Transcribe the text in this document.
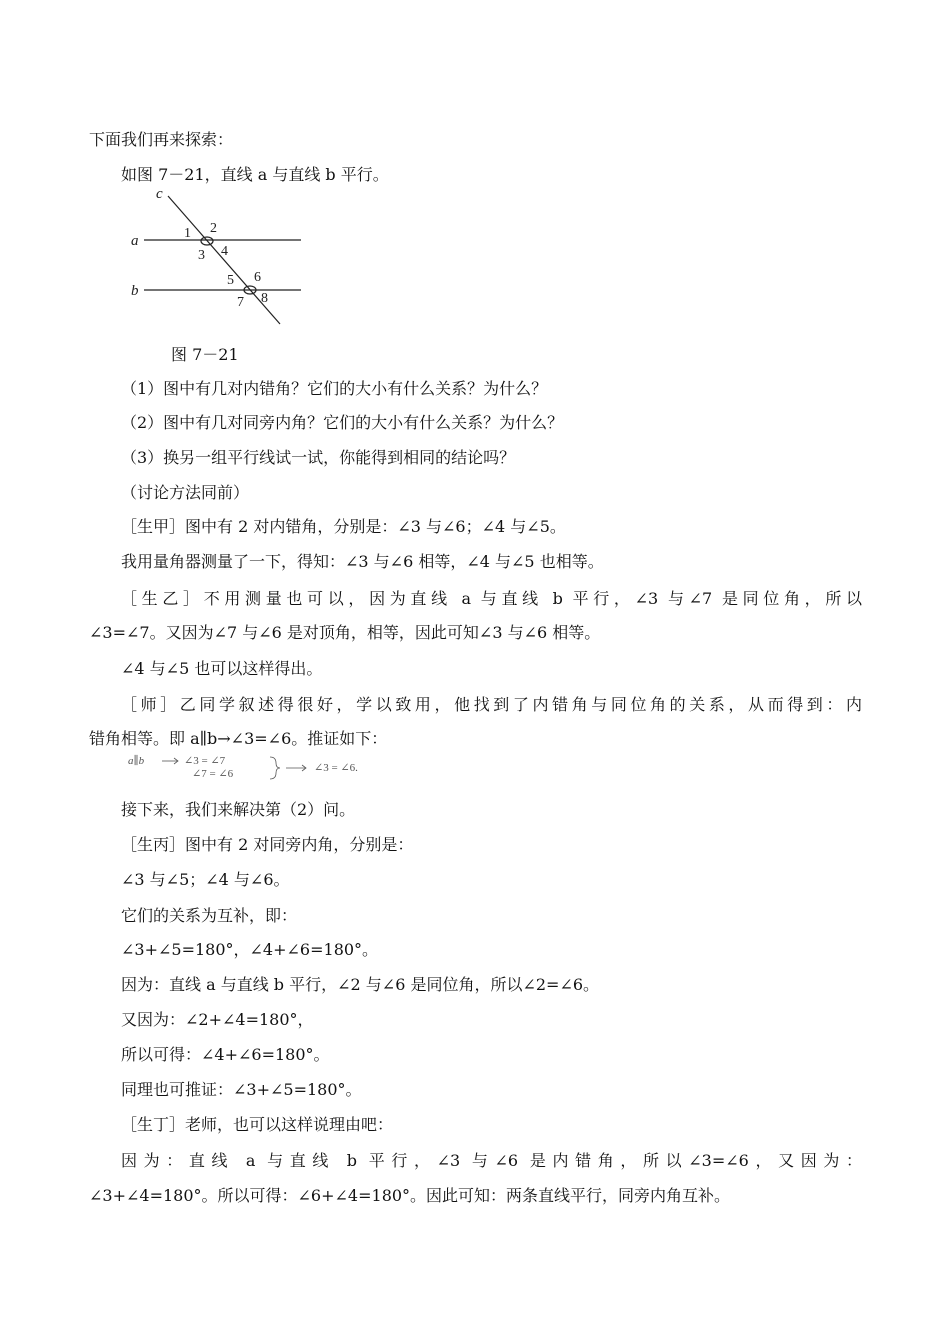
下面我们再来探索：
如图 7－21，直线 a 与直线 b 平行。
c
a
b
1 2
3 4
5 6
7 8
图 7－21
（1）图中有几对内错角？它们的大小有什么关系？为什么？
（2）图中有几对同旁内角？它们的大小有什么关系？为什么？
（3）换另一组平行线试一试，你能得到相同的结论吗？
（讨论方法同前）
［生甲］图中有 2 对内错角，分别是：∠3 与∠6；∠4 与∠5。
我用量角器测量了一下，得知：∠3 与∠6 相等，∠4 与∠5 也相等。
［生乙］不用测量也可以，因为直线 a 与直线 b 平行，∠3 与∠7 是同位角，所以
∠3=∠7。又因为∠7 与∠6 是对顶角，相等，因此可知∠3 与∠6 相等。
∠4 与∠5 也可以这样得出。
［师］乙同学叙述得很好，学以致用，他找到了内错角与同位角的关系，从而得到：内
错角相等。即 a∥b→∠3=∠6。推证如下：
a∥b	∠3 = ∠7
∠7 = ∠6	∠3 = ∠6.
接下来，我们来解决第（2）问。
［生丙］图中有 2 对同旁内角，分别是：
∠3 与∠5；∠4 与∠6。
它们的关系为互补，即：
∠3+∠5=180°，∠4+∠6=180°。
因为：直线 a 与直线 b 平行，∠2 与∠6 是同位角，所以∠2=∠6。
又因为：∠2+∠4=180°，
所以可得：∠4+∠6=180°。
同理也可推证：∠3+∠5=180°。
［生丁］老师，也可以这样说理由吧：
因为：直线 a 与直线 b 平行，∠3 与∠6 是内错角，所以∠3=∠6，又因为：
∠3+∠4=180°。所以可得：∠6+∠4=180°。因此可知：两条直线平行，同旁内角互补。
